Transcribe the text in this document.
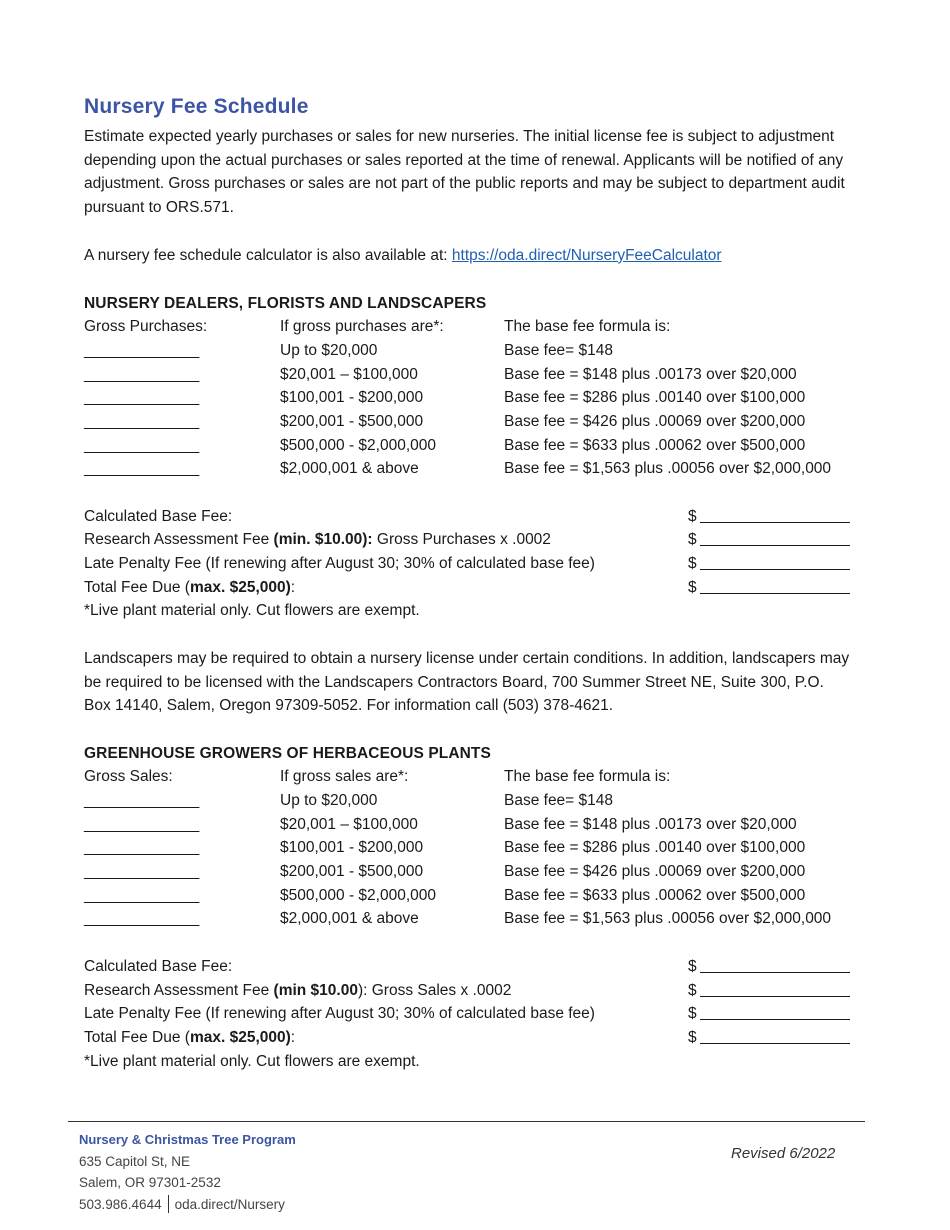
Nursery Fee Schedule

Estimate expected yearly purchases or sales for new nurseries. The initial license fee is subject to adjustment depending upon the actual purchases or sales reported at the time of renewal. Applicants will be notified of any adjustment. Gross purchases or sales are not part of the public reports and may be subject to department audit pursuant to ORS.571.

A nursery fee schedule calculator is also available at: https://oda.direct/NurseryFeeCalculator

NURSERY DEALERS, FLORISTS AND LANDSCAPERS

Gross Purchases:	If gross purchases are*:	The base fee formula is:
_______________	Up to $20,000	Base fee= $148
_______________	$20,001 – $100,000	Base fee = $148 plus .00173 over $20,000
_______________	$100,001 - $200,000	Base fee = $286 plus .00140 over $100,000
_______________	$200,001 - $500,000	Base fee = $426 plus .00069 over $200,000
_______________	$500,000 - $2,000,000	Base fee = $633 plus .00062 over $500,000
_______________	$2,000,001 & above	Base fee = $1,563 plus .00056 over $2,000,000
Calculated Base Fee:	$
Research Assessment Fee (min. $10.00): Gross Purchases x .0002	$
Late Penalty Fee (If renewing after August 30; 30% of calculated base fee)	$
Total Fee Due (max. $25,000):	$
*Live plant material only. Cut flowers are exempt.

Landscapers may be required to obtain a nursery license under certain conditions. In addition, landscapers may be required to be licensed with the Landscapers Contractors Board, 700 Summer Street NE, Suite 300, P.O. Box 14140, Salem, Oregon 97309-5052. For information call (503) 378-4621.

GREENHOUSE GROWERS OF HERBACEOUS PLANTS

Gross Sales:	If gross sales are*:	The base fee formula is:
_______________	Up to $20,000	Base fee= $148
_______________	$20,001 – $100,000	Base fee = $148 plus .00173 over $20,000
_______________	$100,001 - $200,000	Base fee = $286 plus .00140 over $100,000
_______________	$200,001 - $500,000	Base fee = $426 plus .00069 over $200,000
_______________	$500,000 - $2,000,000	Base fee = $633 plus .00062 over $500,000
_______________	$2,000,001 & above	Base fee = $1,563 plus .00056 over $2,000,000
Calculated Base Fee:	$
Research Assessment Fee (min $10.00): Gross Sales x .0002	$
Late Penalty Fee (If renewing after August 30; 30% of calculated base fee)	$
Total Fee Due (max. $25,000):	$
*Live plant material only. Cut flowers are exempt.
Nursery & Christmas Tree Program
635 Capitol St, NE
Salem, OR 97301-2532
503.986.4644 oda.direct/Nursery
Revised 6/2022
